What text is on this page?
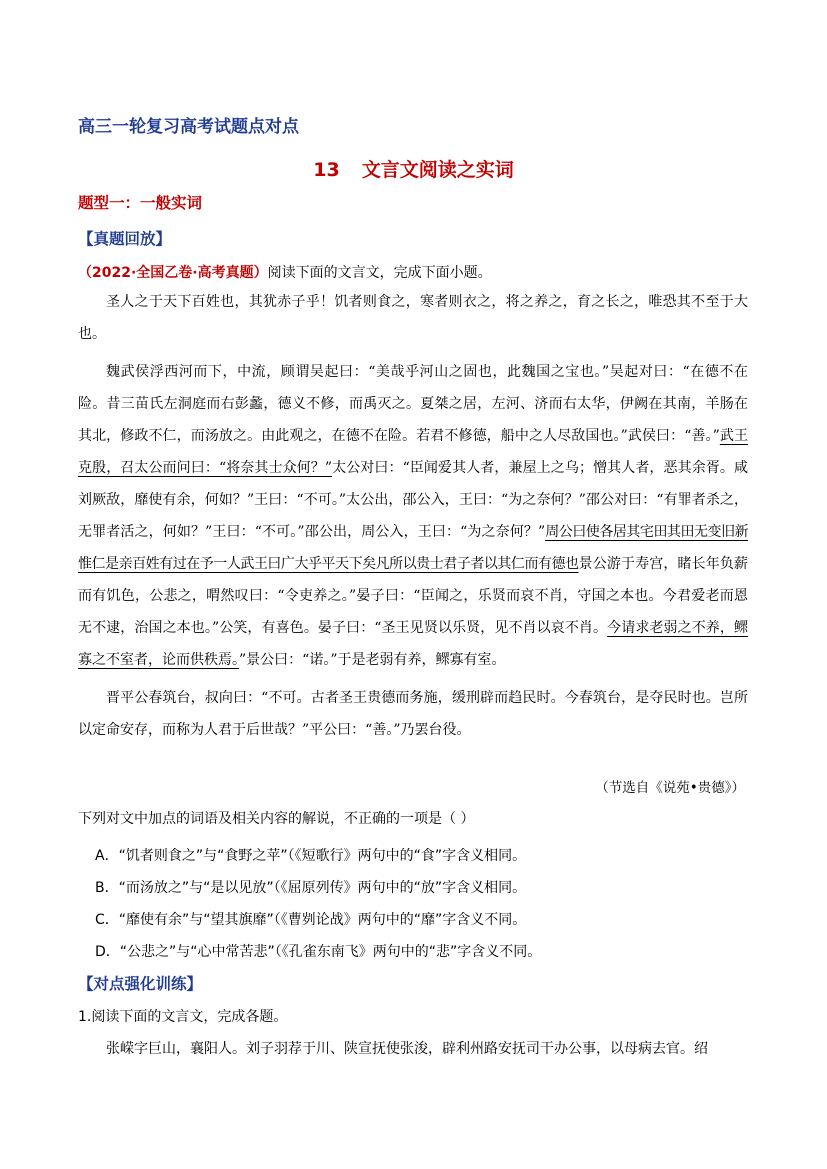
高三一轮复习高考试题点对点
13 文言文阅读之实词
题型一：一般实词
【真题回放】
（2022·全国乙卷·高考真题）阅读下面的文言文，完成下面小题。

圣人之于天下百姓也，其犹赤子乎！饥者则食之，寒者则衣之，将之养之，育之长之，唯恐其不至于大也。

魏武侯浮西河而下，中流，顾谓吴起曰：“美哉乎河山之固也，此魏国之宝也。”吴起对曰：“在德不在险。昔三苗氏左洞庭而右彭蠡，德义不修，而禹灭之。夏桀之居，左河、济而右太华，伊阙在其南，羊肠在其北，修政不仁，而汤放之。由此观之，在德不在险。若君不修德，船中之人尽敌国也。”武侯曰：“善。”武王克殷，召太公而问曰：“将奈其士众何？”太公对曰：“臣闻爱其人者，兼屋上之乌；憎其人者，恶其余胥。咸刘厥敌，靡使有余，何如？”王曰：“不可。”太公出，邵公入，王曰：“为之奈何？”邵公对曰：“有罪者杀之，无罪者活之，何如？”王曰：“不可。”邵公出，周公入，王曰：“为之奈何？”周公曰使各居其宅田其田无变旧新惟仁是亲百姓有过在予一人武王曰广大乎平天下矣凡所以贵士君子者以其仁而有德也景公游于寿宫，睹长年负薪而有饥色，公悲之，喟然叹曰：“令吏养之。”晏子曰：“臣闻之，乐贤而哀不肖，守国之本也。今君爱老而恩无不逮，治国之本也。”公笑，有喜色。晏子曰：“圣王见贤以乐贤，见不肖以哀不肖。今请求老弱之不养，鳏寡之不室者，论而供秩焉。”景公曰：“诺。”于是老弱有养，鳏寡有室。

晋平公春筑台，叔向曰：“不可。古者圣王贵德而务施，缓刑辟而趋民时。今春筑台，是夺民时也。岂所以定命安存，而称为人君于后世哉？”平公曰：“善。”乃罢台役。

（节选自《说苑•贵德》）
下列对文中加点的词语及相关内容的解说，不正确的一项是（ ）
A．“饥者则食之”与“食野之苹”（《短歌行》两句中的“食”字含义相同。
B．“而汤放之”与“是以见放”（《屈原列传》两句中的“放”字含义相同。
C．“靡使有余”与“望其旗靡”（《曹刿论战》两句中的“靡”字含义不同。
D．“公悲之”与“心中常苦悲”（《孔雀东南飞》两句中的“悲”字含义不同。
【对点强化训练】
1.阅读下面的文言文，完成各题。

张嵘字巨山，襄阳人。刘子羽荐于川、陕宣抚使张浚，辟利州路安抚司干办公事，以母病去官。绍
